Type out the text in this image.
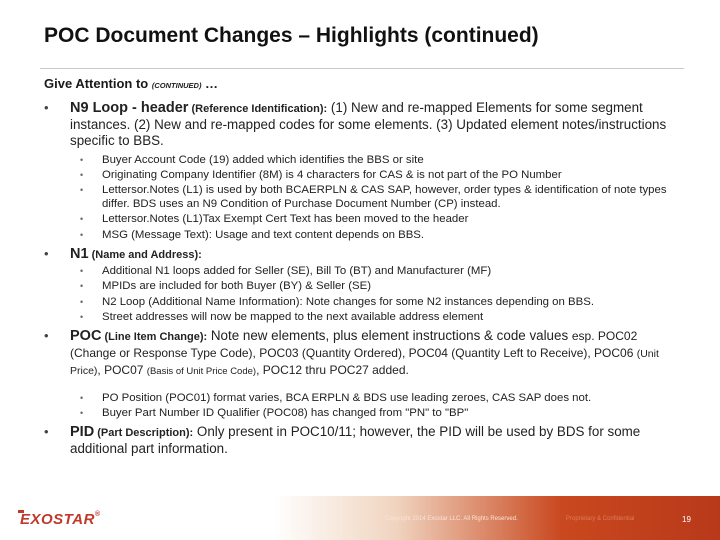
POC Document Changes – Highlights (continued)
Give Attention to (CONTINUED) …
• N9 Loop - header (Reference Identification): (1) New and re-mapped Elements for some segment instances. (2) New and re-mapped codes for some elements. (3) Updated element notes/instructions specific to BBS.
• Buyer Account Code (19) added which identifies the BBS or site
• Originating Company Identifier (8M) is 4 characters for CAS & is not part of the PO Number
• Lettersor.Notes (L1) is used by both BCAERPLN & CAS SAP, however, order types & identification of note types differ. BDS uses an N9 Condition of Purchase Document Number (CP) instead.
• Lettersor.Notes (L1)Tax Exempt Cert Text has been moved to the header
• MSG (Message Text): Usage and text content depends on BBS.
• N1 (Name and Address):
• Additional N1 loops added for Seller (SE), Bill To (BT) and Manufacturer (MF)
• MPIDs are included for both Buyer (BY) & Seller (SE)
• N2 Loop (Additional Name Information): Note changes for some N2 instances depending on BBS.
• Street addresses will now be mapped to the next available address element
• POC (Line Item Change): Note new elements, plus element instructions & code values esp. POC02 (Change or Response Type Code), POC03 (Quantity Ordered), POC04 (Quantity Left to Receive), POC06 (Unit Price), POC07 (Basis of Unit Price Code), POC12 thru POC27 added.
• PO Position (POC01) format varies, BCA ERPLN & BDS use leading zeroes, CAS SAP does not.
• Buyer Part Number ID Qualifier (POC08) has changed from "PN" to "BP"
• PID (Part Description): Only present in POC10/11; however, the PID will be used by BDS for some additional part information.
EXOSTAR®
Copyright 2014 Exostar LLC. All Rights Reserved.	Proprietary & Confidential	19
